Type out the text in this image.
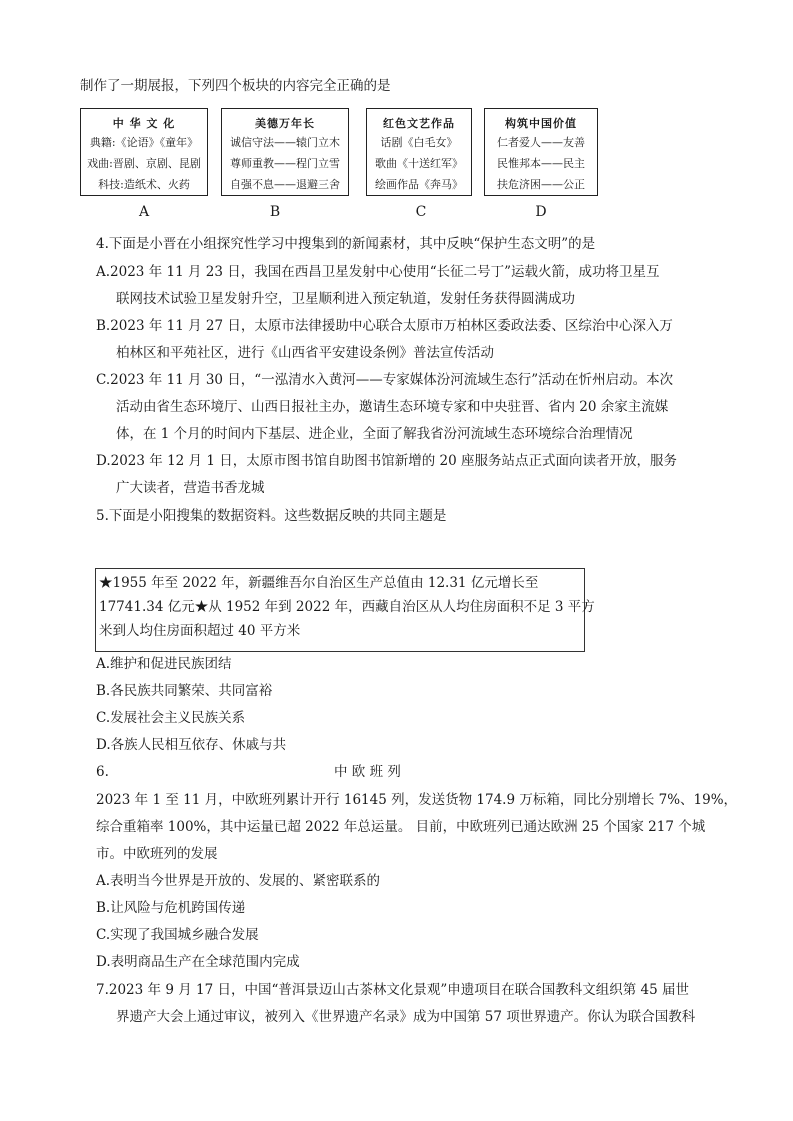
制作了一期展报，下列四个板块的内容完全正确的是
中 华 文 化
典籍:《论语》《童年》
戏曲:晋剧、京剧、昆剧
科技:造纸术、火药
A
美德万年长
诚信守法——辕门立木
尊师重教——程门立雪
自强不息——退避三舍
B
红色文艺作品
话剧《白毛女》
歌曲《十送红军》
绘画作品《奔马》
C
构筑中国价值
仁者爱人——友善
民惟邦本——民主
扶危济困——公正
D
4.下面是小晋在小组探究性学习中搜集到的新闻素材，其中反映“保护生态文明”的是
A.2023 年 11 月 23 日，我国在西昌卫星发射中心使用“长征二号丁”运载火箭，成功将卫星互
联网技术试验卫星发射升空，卫星顺利进入预定轨道，发射任务获得圆满成功
B.2023 年 11 月 27 日，太原市法律援助中心联合太原市万柏林区委政法委、区综治中心深入万
柏林区和平苑社区，进行《山西省平安建设条例》普法宣传活动
C.2023 年 11 月 30 日，“一泓清水入黄河——专家媒体汾河流域生态行”活动在忻州启动。本次
活动由省生态环境厅、山西日报社主办，邀请生态环境专家和中央驻晋、省内 20 余家主流媒
体，在 1 个月的时间内下基层、进企业，全面了解我省汾河流域生态环境综合治理情况
D.2023 年 12 月 1 日，太原市图书馆自助图书馆新增的 20 座服务站点正式面向读者开放，服务
广大读者，营造书香龙城
5.下面是小阳搜集的数据资料。这些数据反映的共同主题是
★1955 年至 2022 年，新疆维吾尔自治区生产总值由 12.31 亿元增长至
17741.34 亿元★从 1952 年到 2022 年，西藏自治区从人均住房面积不足 3 平方
米到人均住房面积超过 40 平方米
A.维护和促进民族团结
B.各民族共同繁荣、共同富裕
C.发展社会主义民族关系
D.各族人民相互依存、休戚与共
6.	中 欧 班 列
2023 年 1 至 11 月，中欧班列累计开行 16145 列，发送货物 174.9 万标箱，同比分别增长 7%、19%，
综合重箱率 100%，其中运量已超 2022 年总运量。 目前，中欧班列已通达欧洲 25 个国家 217 个城
市。中欧班列的发展
A.表明当今世界是开放的、发展的、紧密联系的
B.让风险与危机跨国传递
C.实现了我国城乡融合发展
D.表明商品生产在全球范围内完成
7.2023 年 9 月 17 日，中国“普洱景迈山古茶林文化景观”申遗项目在联合国教科文组织第 45 届世
界遗产大会上通过审议，被列入《世界遗产名录》成为中国第 57 项世界遗产。你认为联合国教科
